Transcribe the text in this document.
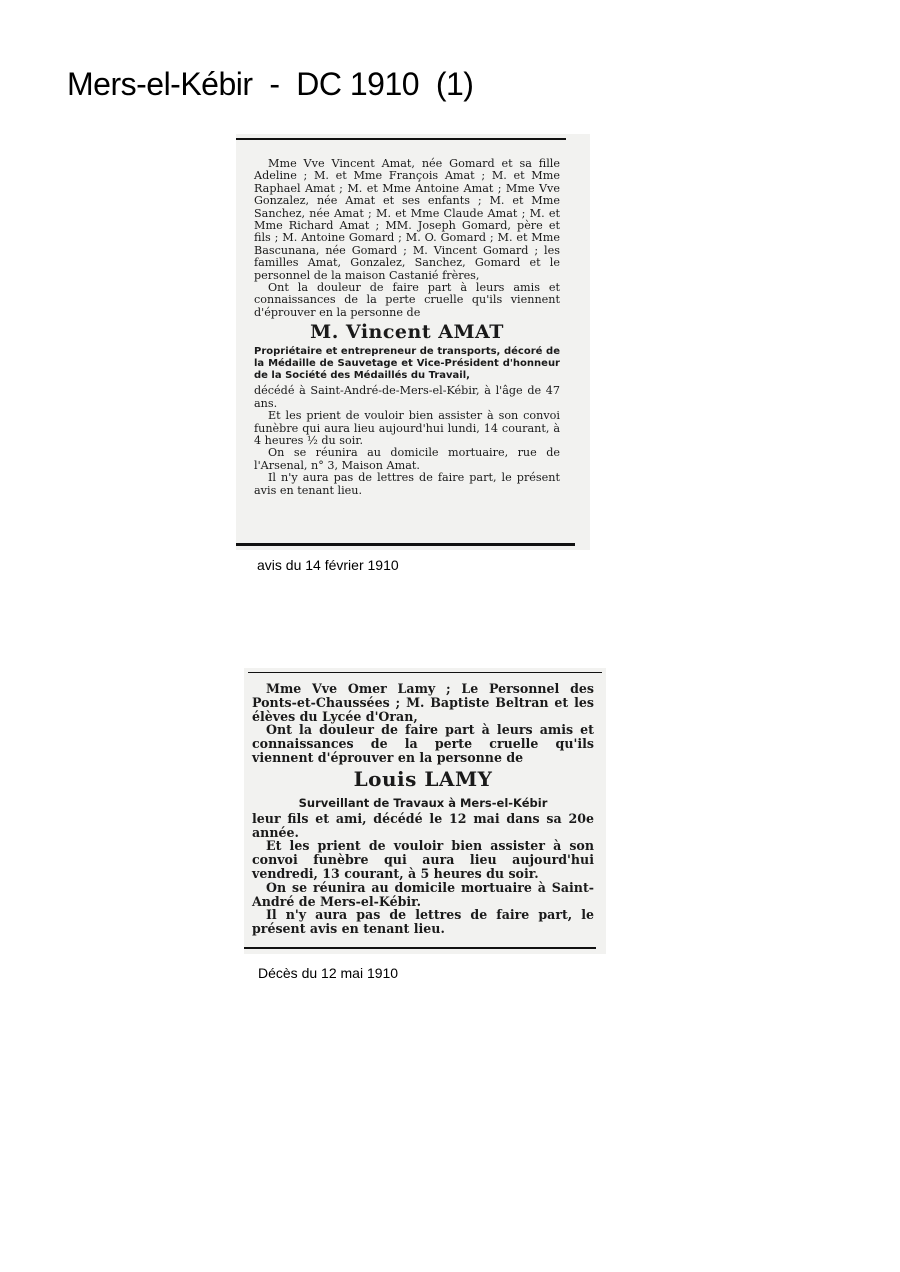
Mers-el-Kébir  -  DC 1910  (1)

Mme Vve Vincent Amat, née Gomard et sa fille Adeline ; M. et Mme François Amat ; M. et Mme Raphael Amat ; M. et Mme Antoine Amat ; Mme Vve Gonzalez, née Amat et ses enfants ; M. et Mme Sanchez, née Amat ; M. et Mme Claude Amat ; M. et Mme Richard Amat ; MM. Joseph Gomard, père et fils ; M. Antoine Gomard ; M. O. Gomard ; M. et Mme Bascunana, née Gomard ; M. Vincent Gomard ; les familles Amat, Gonzalez, Sanchez, Gomard et le personnel de la maison Castanié frères,

Ont la douleur de faire part à leurs amis et connaissances de la perte cruelle qu'ils viennent d'éprouver en la personne de

M. Vincent AMAT
Propriétaire et entrepreneur de transports, décoré de la Médaille de Sauvetage et Vice-Président d'honneur de la Société des Médaillés du Travail,

décédé à Saint-André-de-Mers-el-Kébir, à l'âge de 47 ans.

Et les prient de vouloir bien assister à son convoi funèbre qui aura lieu aujourd'hui lundi, 14 courant, à 4 heures ½ du soir.

On se réunira au domicile mortuaire, rue de l'Arsenal, n° 3, Maison Amat.

Il n'y aura pas de lettres de faire part, le présent avis en tenant lieu.

avis du 14 février 1910

Mme Vve Omer Lamy ; Le Personnel des Ponts-et-Chaussées ; M. Baptiste Beltran et les élèves du Lycée d'Oran,

Ont la douleur de faire part à leurs amis et connaissances de la perte cruelle qu'ils viennent d'éprouver en la personne de

Louis LAMY
Surveillant de Travaux à Mers-el-Kébir

leur fils et ami, décédé le 12 mai dans sa 20e année.

Et les prient de vouloir bien assister à son convoi funèbre qui aura lieu aujourd'hui vendredi, 13 courant, à 5 heures du soir.

On se réunira au domicile mortuaire à Saint-André de Mers-el-Kébir.

Il n'y aura pas de lettres de faire part, le présent avis en tenant lieu.

Décès du 12 mai 1910
